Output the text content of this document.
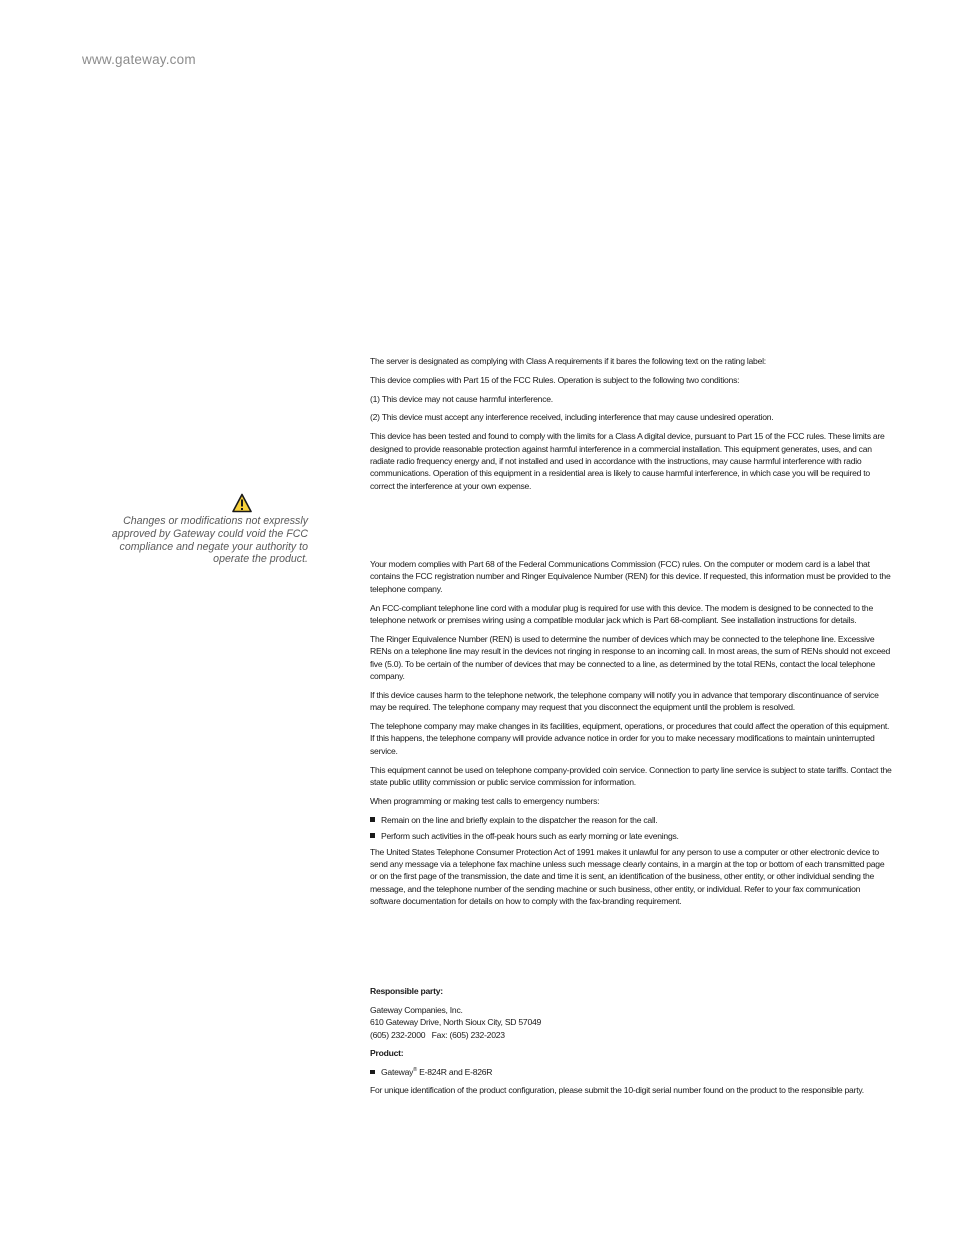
www.gateway.com

Changes or modifications not expressly approved by Gateway could void the FCC compliance and negate your authority to operate the product.

The server is designated as complying with Class A requirements if it bares the following text on the rating label:

This device complies with Part 15 of the FCC Rules. Operation is subject to the following two conditions:

(1) This device may not cause harmful interference.

(2) This device must accept any interference received, including interference that may cause undesired operation.

This device has been tested and found to comply with the limits for a Class A digital device, pursuant to Part 15 of the FCC rules. These limits are designed to provide reasonable protection against harmful interference in a commercial installation. This equipment generates, uses, and can radiate radio frequency energy and, if not installed and used in accordance with the instructions, may cause harmful interference with radio communications. Operation of this equipment in a residential area is likely to cause harmful interference, in which case you will be required to correct the interference at your own expense.

Your modem complies with Part 68 of the Federal Communications Commission (FCC) rules. On the computer or modem card is a label that contains the FCC registration number and Ringer Equivalence Number (REN) for this device. If requested, this information must be provided to the telephone company.

An FCC-compliant telephone line cord with a modular plug is required for use with this device. The modem is designed to be connected to the telephone network or premises wiring using a compatible modular jack which is Part 68-compliant. See installation instructions for details.

The Ringer Equivalence Number (REN) is used to determine the number of devices which may be connected to the telephone line. Excessive RENs on a telephone line may result in the devices not ringing in response to an incoming call. In most areas, the sum of RENs should not exceed five (5.0). To be certain of the number of devices that may be connected to a line, as determined by the total RENs, contact the local telephone company.

If this device causes harm to the telephone network, the telephone company will notify you in advance that temporary discontinuance of service may be required. The telephone company may request that you disconnect the equipment until the problem is resolved.

The telephone company may make changes in its facilities, equipment, operations, or procedures that could affect the operation of this equipment. If this happens, the telephone company will provide advance notice in order for you to make necessary modifications to maintain uninterrupted service.

This equipment cannot be used on telephone company-provided coin service. Connection to party line service is subject to state tariffs. Contact the state public utility commission or public service commission for information.

When programming or making test calls to emergency numbers:

Remain on the line and briefly explain to the dispatcher the reason for the call.
Perform such activities in the off-peak hours such as early morning or late evenings.

The United States Telephone Consumer Protection Act of 1991 makes it unlawful for any person to use a computer or other electronic device to send any message via a telephone fax machine unless such message clearly contains, in a margin at the top or bottom of each transmitted page or on the first page of the transmission, the date and time it is sent, an identification of the business, other entity, or other individual sending the message, and the telephone number of the sending machine or such business, other entity, or individual. Refer to your fax communication software documentation for details on how to comply with the fax-branding requirement.

Responsible party:

Gateway Companies, Inc.
610 Gateway Drive, North Sioux City, SD 57049
(605) 232-2000   Fax: (605) 232-2023

Product:

Gateway® E-824R and E-826R

For unique identification of the product configuration, please submit the 10-digit serial number found on the product to the responsible party.
